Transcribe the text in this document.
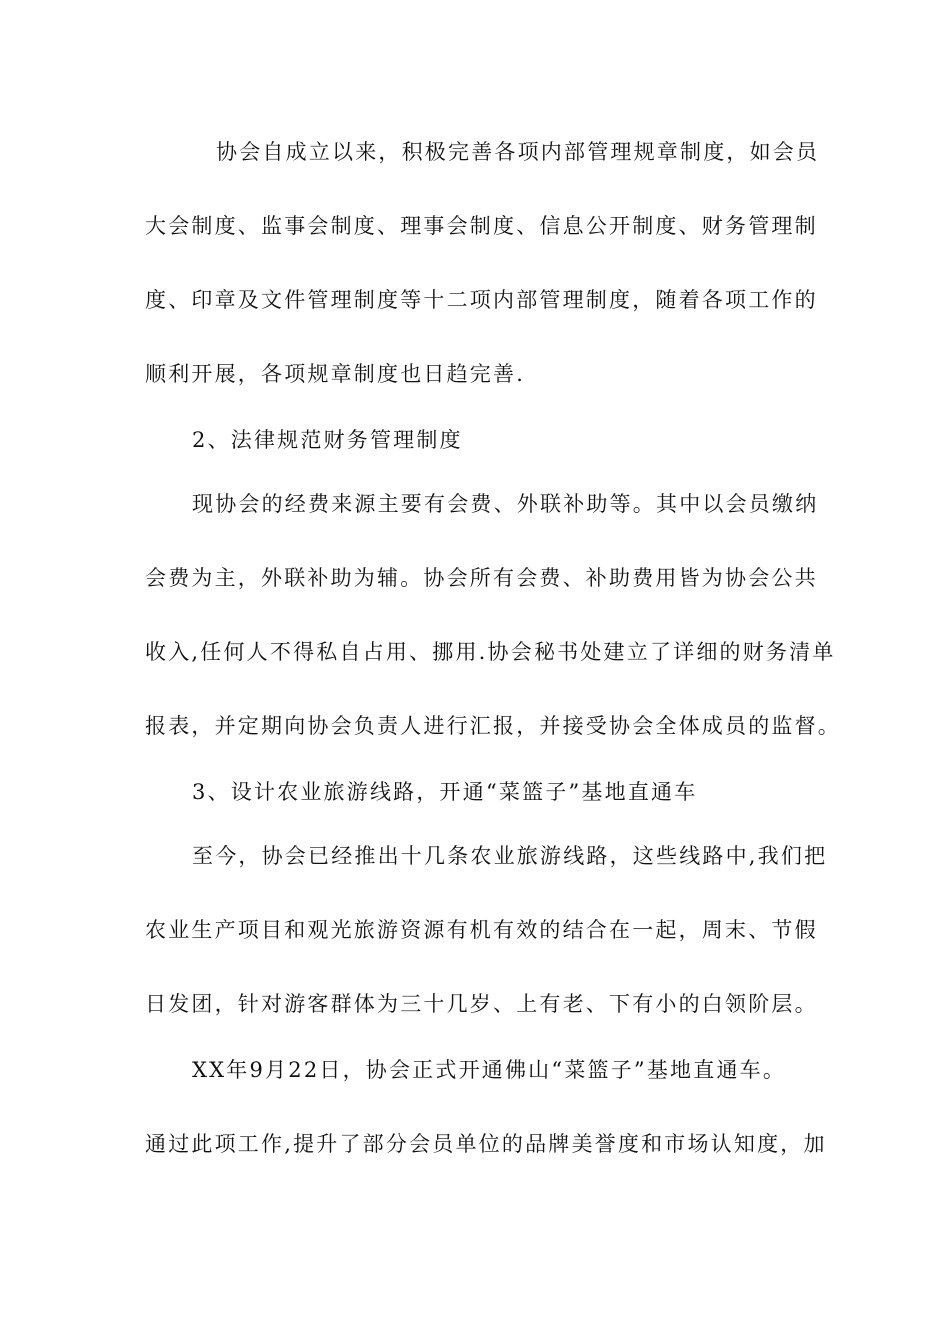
协会自成立以来，积极完善各项内部管理规章制度，如会员
大会制度、监事会制度、理事会制度、信息公开制度、财务管理制
度、印章及文件管理制度等十二项内部管理制度，随着各项工作的
顺利开展，各项规章制度也日趋完善.
2、法律规范财务管理制度
现协会的经费来源主要有会费、外联补助等。其中以会员缴纳
会费为主，外联补助为辅。协会所有会费、补助费用皆为协会公共
收入,任何人不得私自占用、挪用.协会秘书处建立了详细的财务清单
报表，并定期向协会负责人进行汇报，并接受协会全体成员的监督。
3、设计农业旅游线路，开通“菜篮子”基地直通车
至今，协会已经推出十几条农业旅游线路，这些线路中,我们把
农业生产项目和观光旅游资源有机有效的结合在一起，周末、节假
日发团，针对游客群体为三十几岁、上有老、下有小的白领阶层。
XX年9月22日，协会正式开通佛山“菜篮子”基地直通车。
通过此项工作,提升了部分会员单位的品牌美誉度和市场认知度，加
